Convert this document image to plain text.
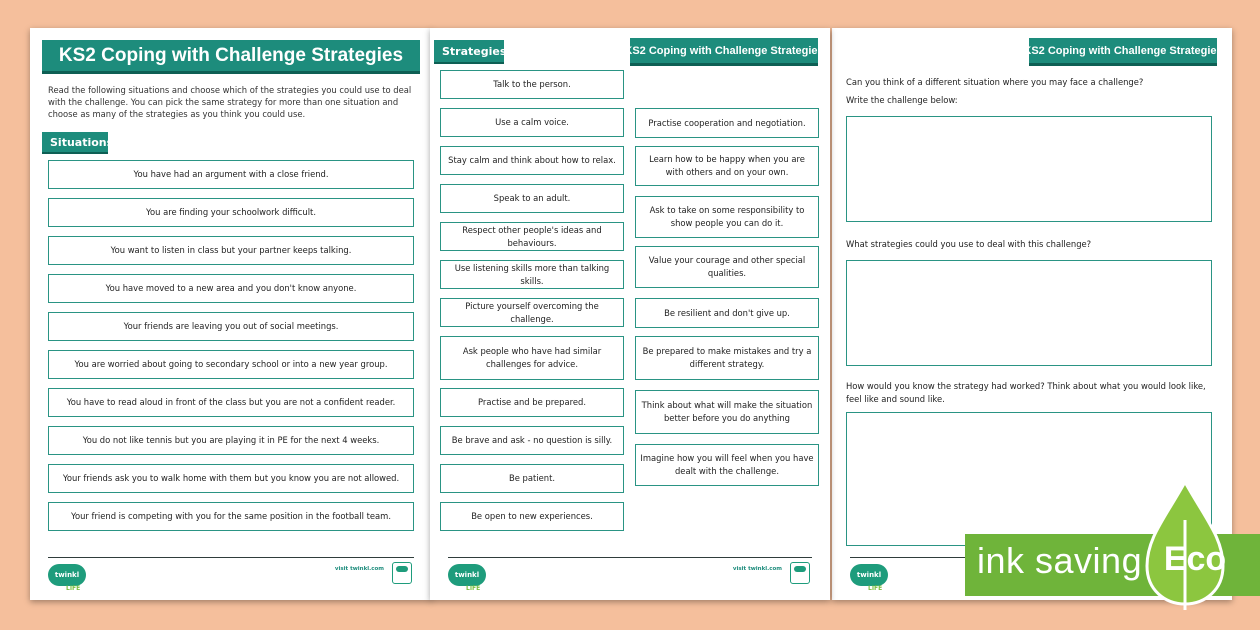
KS2 Coping with Challenge Strategies
Read the following situations and choose which of the strategies you could use to deal with the challenge. You can pick the same strategy for more than one situation and choose as many of the strategies as you think you could use.
Situations:
You have had an argument with a close friend.
You are finding your schoolwork difficult.
You want to listen in class but your partner keeps talking.
You have moved to a new area and you don't know anyone.
Your friends are leaving you out of social meetings.
You are worried about going to secondary school or into a new year group.
You have to read aloud in front of the class but you are not a confident reader.
You do not like tennis but you are playing it in PE for the next 4 weeks.
Your friends ask you to walk home with them but you know you are not allowed.
Your friend is competing with you for the same position in the football team.
twinkl
LIFE
visit twinkl.com
Strategies:	KS2 Coping with Challenge Strategies
Talk to the person.
Use a calm voice.
Stay calm and think about how to relax.
Speak to an adult.
Respect other people's ideas and behaviours.
Use listening skills more than talking skills.
Picture yourself overcoming the challenge.
Ask people who have had similar challenges for advice.
Practise and be prepared.
Be brave and ask - no question is silly.
Be patient.
Be open to new experiences.
Practise cooperation and negotiation.
Learn how to be happy when you are with others and on your own.
Ask to take on some responsibility to show people you can do it.
Value your courage and other special qualities.
Be resilient and don't give up.
Be prepared to make mistakes and try a different strategy.
Think about what will make the situation better before you do anything
Imagine how you will feel when you have dealt with the challenge.
twinkl
LIFE
visit twinkl.com
KS2 Coping with Challenge Strategies
Can you think of a different situation where you may face a challenge?
Write the challenge below:
What strategies could you use to deal with this challenge?
How would you know the strategy had worked? Think about what you would look like, feel like and sound like.
twinkl
LIFE
ink saving Eco
